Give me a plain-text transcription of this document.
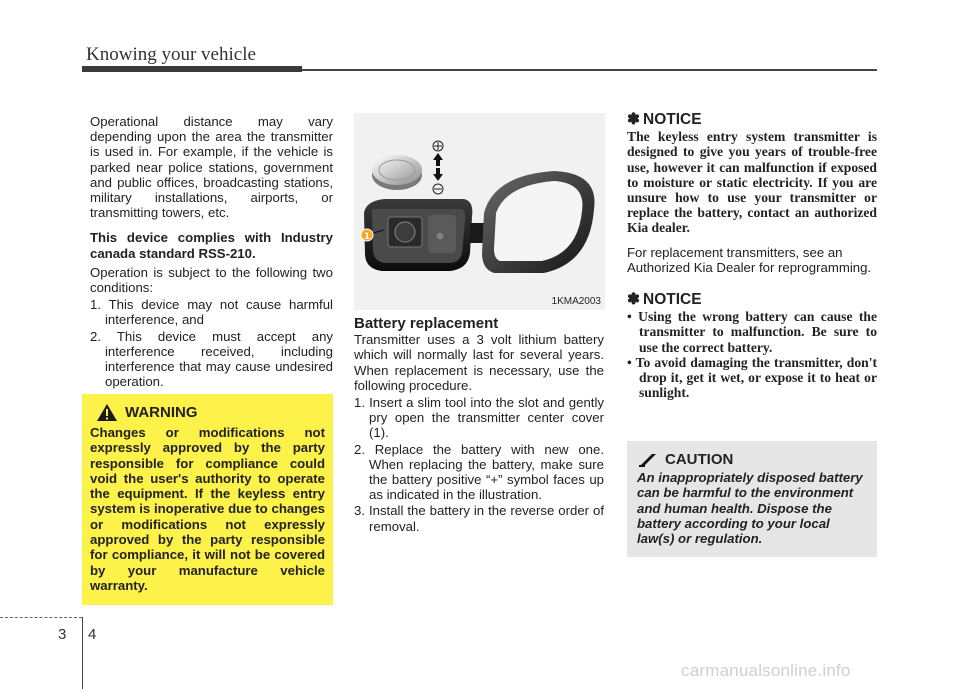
Knowing your vehicle

Operational distance may vary depending upon the area the transmitter is used in. For example, if the vehicle is parked near police stations, government and public offices, broadcasting stations, military installations, airports, or transmitting towers, etc.

This device complies with Industry canada standard RSS-210.

Operation is subject to the following two conditions:

1. This device may not cause harmful interference, and
2. This device must accept any interference received, including interference that may cause undesired operation.
WARNING
Changes or modifications not expressly approved by the party responsible for compliance could void the user's authority to operate the equipment. If the keyless entry system is inoperative due to changes or modifications not expressly approved by the party responsible for compliance, it will not be covered by your manufacture vehicle warranty.
⊕
1
1KMA2003
Battery replacement

Transmitter uses a 3 volt lithium battery which will normally last for several years. When replacement is necessary, use the following procedure.

1. Insert a slim tool into the slot and gently pry open the transmitter center cover (1).
2. Replace the battery with new one. When replacing the battery, make sure the battery positive “+” symbol faces up as indicated in the illustration.
3. Install the battery in the reverse order of removal.
✽ NOTICE

The keyless entry system transmitter is designed to give you years of trouble-free use, however it can malfunction if exposed to moisture or static electricity. If you are unsure how to use your transmitter or replace the battery, contact an authorized Kia dealer.

For replacement transmitters, see an Authorized Kia Dealer for reprogramming.

✽ NOTICE
• Using the wrong battery can cause the transmitter to malfunction. Be sure to use the correct battery.
• To avoid damaging the transmitter, don't drop it, get it wet, or expose it to heat or sunlight.
CAUTION
An inappropriately disposed battery can be harmful to the environment and human health. Dispose the battery according to your local law(s) or regulation.
3 4
carmanualsonline.info
